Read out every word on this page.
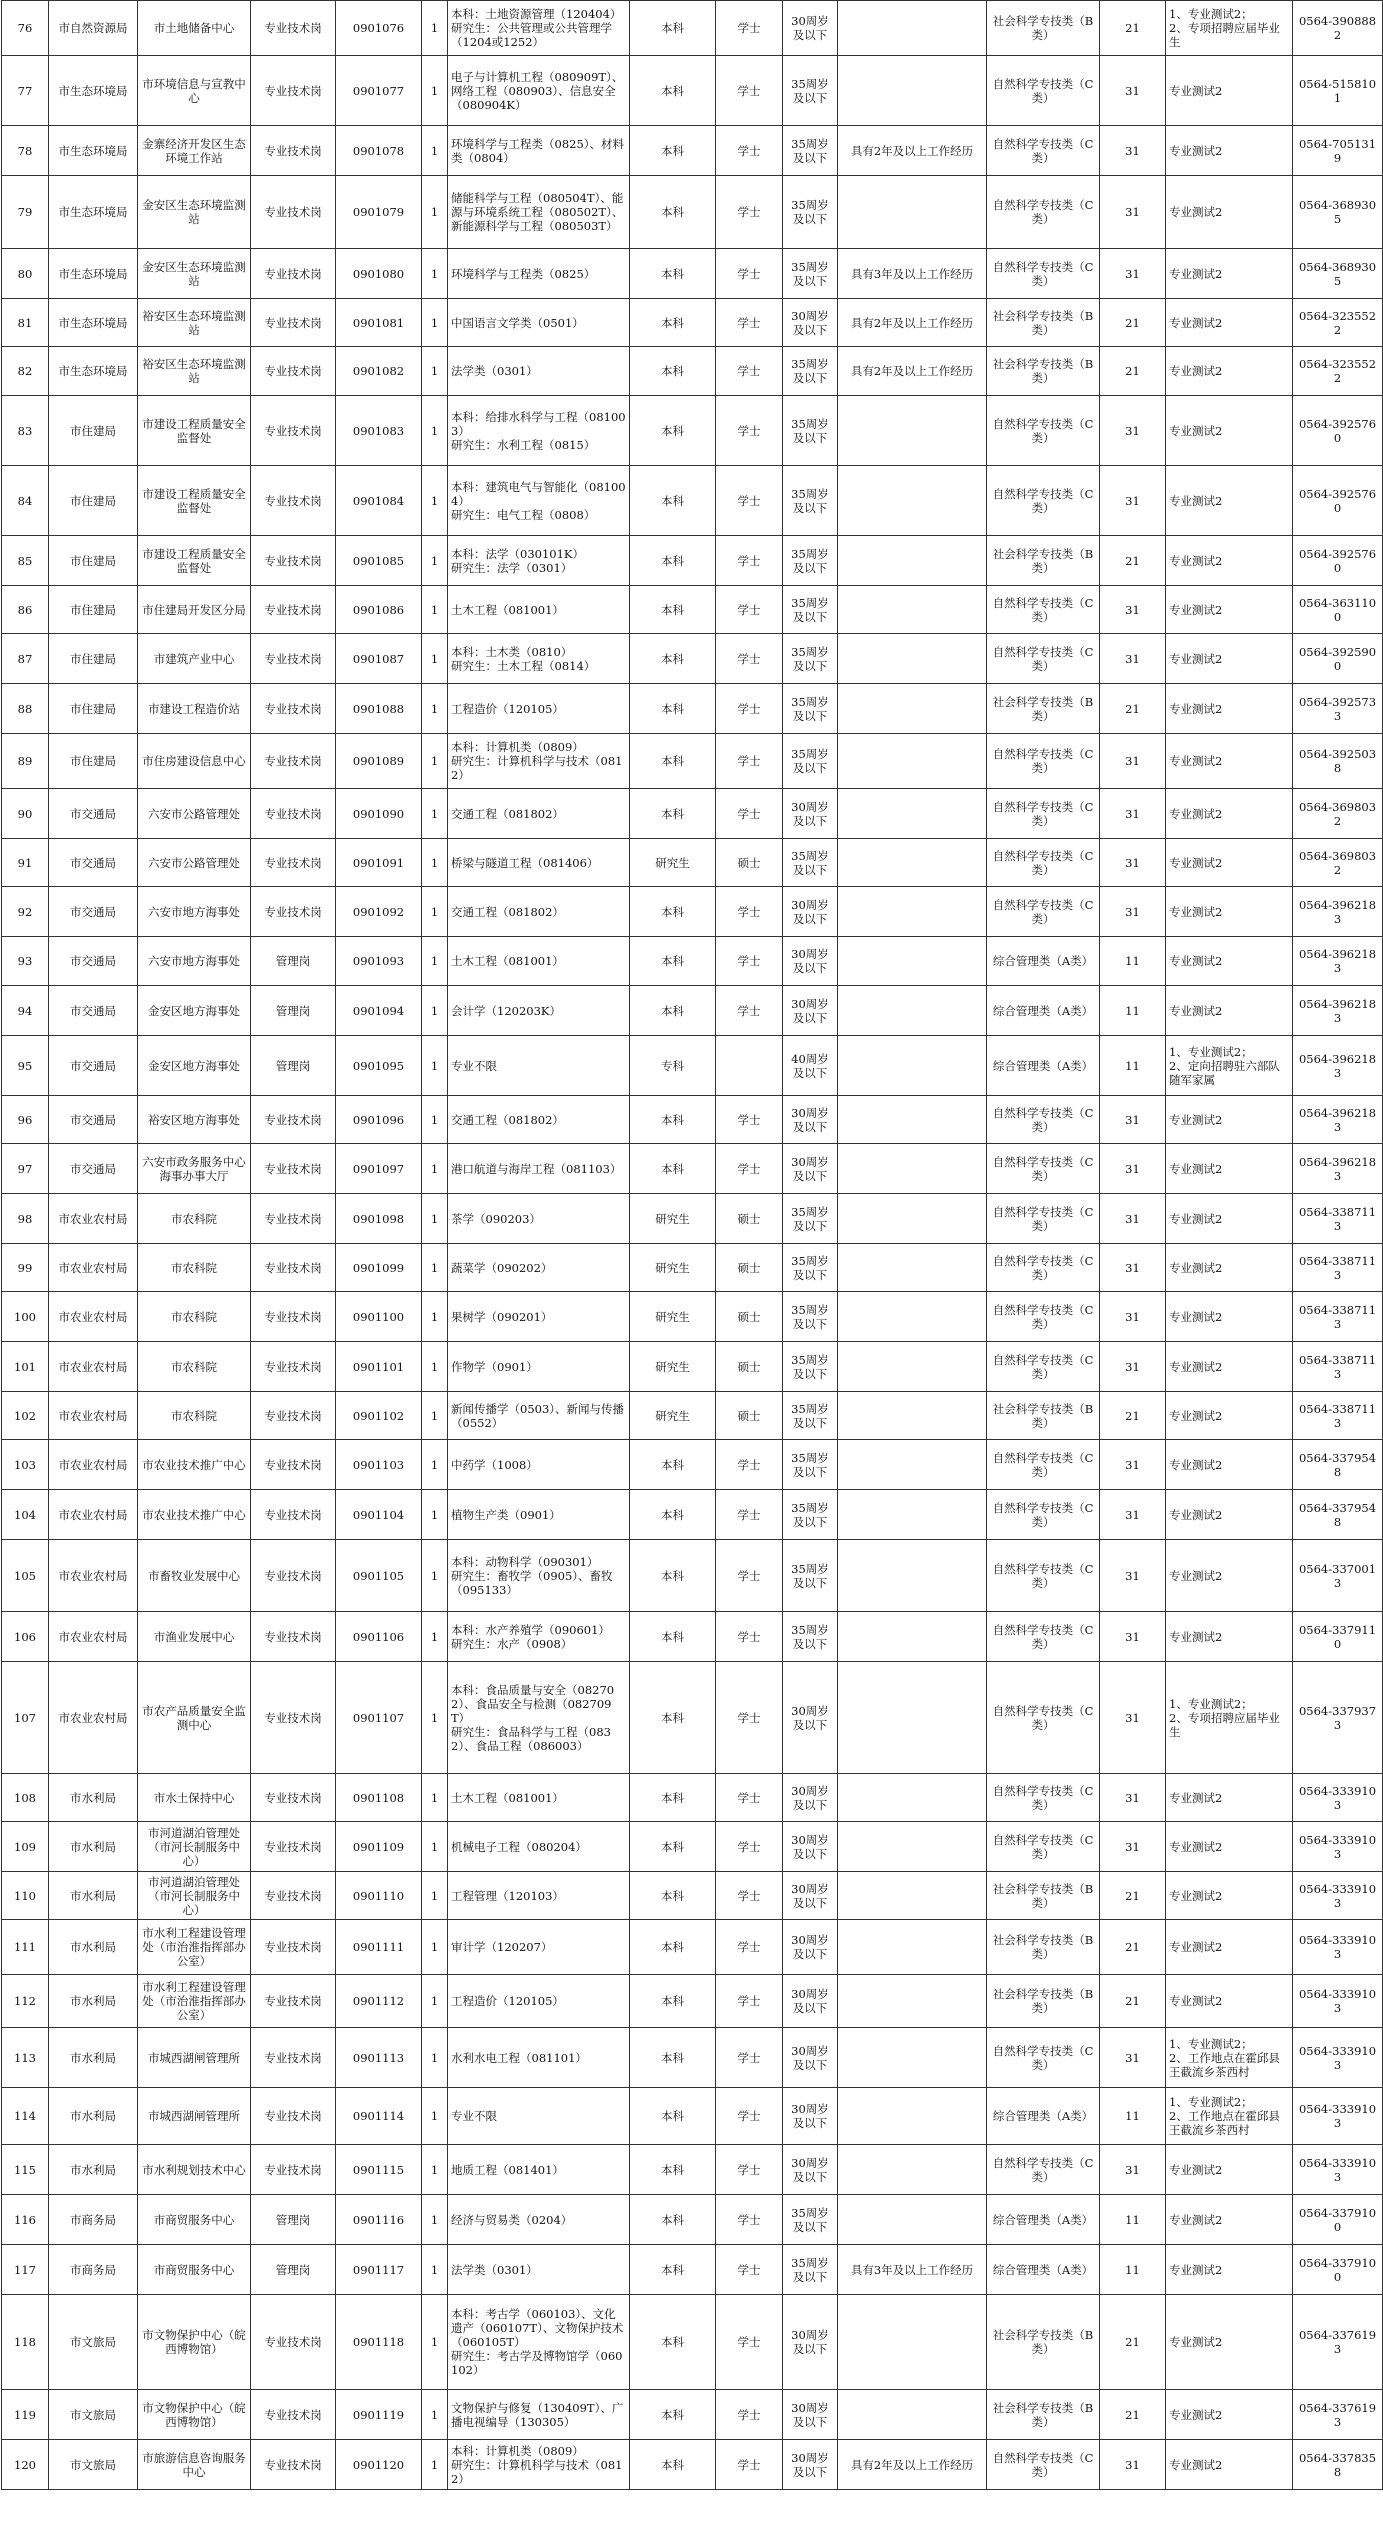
76	市自然资源局	市土地储备中心	专业技术岗	0901076	1	本科：土地资源管理（120404）
研究生：公共管理或公共管理学（1204或1252）	本科	学士	30周岁及以下		社会科学专技类（B类）	21	1、专业测试2；
2、专项招聘应届毕业生	0564-3908882
77	市生态环境局	市环境信息与宣教中心	专业技术岗	0901077	1	电子与计算机工程（080909T）、网络工程（080903）、信息安全（080904K）	本科	学士	35周岁及以下		自然科学专技类（C类）	31	专业测试2	0564-5158101
78	市生态环境局	金寨经济开发区生态环境工作站	专业技术岗	0901078	1	环境科学与工程类（0825）、材料类（0804）	本科	学士	35周岁及以下	具有2年及以上工作经历	自然科学专技类（C类）	31	专业测试2	0564-7051319
79	市生态环境局	金安区生态环境监测站	专业技术岗	0901079	1	储能科学与工程（080504T）、能源与环境系统工程（080502T）、新能源科学与工程（080503T）	本科	学士	35周岁及以下		自然科学专技类（C类）	31	专业测试2	0564-3689305
80	市生态环境局	金安区生态环境监测站	专业技术岗	0901080	1	环境科学与工程类（0825）	本科	学士	35周岁及以下	具有3年及以上工作经历	自然科学专技类（C类）	31	专业测试2	0564-3689305
81	市生态环境局	裕安区生态环境监测站	专业技术岗	0901081	1	中国语言文学类（0501）	本科	学士	30周岁及以下	具有2年及以上工作经历	社会科学专技类（B类）	21	专业测试2	0564-3235522
82	市生态环境局	裕安区生态环境监测站	专业技术岗	0901082	1	法学类（0301）	本科	学士	35周岁及以下	具有2年及以上工作经历	社会科学专技类（B类）	21	专业测试2	0564-3235522
83	市住建局	市建设工程质量安全监督处	专业技术岗	0901083	1	本科：给排水科学与工程（081003）
研究生：水利工程（0815）	本科	学士	35周岁及以下		自然科学专技类（C类）	31	专业测试2	0564-3925760
84	市住建局	市建设工程质量安全监督处	专业技术岗	0901084	1	本科：建筑电气与智能化（081004）
研究生：电气工程（0808）	本科	学士	35周岁及以下		自然科学专技类（C类）	31	专业测试2	0564-3925760
85	市住建局	市建设工程质量安全监督处	专业技术岗	0901085	1	本科：法学（030101K）
研究生：法学（0301）	本科	学士	35周岁及以下		社会科学专技类（B类）	21	专业测试2	0564-3925760
86	市住建局	市住建局开发区分局	专业技术岗	0901086	1	土木工程（081001）	本科	学士	35周岁及以下		自然科学专技类（C类）	31	专业测试2	0564-3631100
87	市住建局	市建筑产业中心	专业技术岗	0901087	1	本科：土木类（0810）
研究生：土木工程（0814）	本科	学士	35周岁及以下		自然科学专技类（C类）	31	专业测试2	0564-3925900
88	市住建局	市建设工程造价站	专业技术岗	0901088	1	工程造价（120105）	本科	学士	35周岁及以下		社会科学专技类（B类）	21	专业测试2	0564-3925733
89	市住建局	市住房建设信息中心	专业技术岗	0901089	1	本科：计算机类（0809）
研究生：计算机科学与技术（0812）	本科	学士	35周岁及以下		自然科学专技类（C类）	31	专业测试2	0564-3925038
90	市交通局	六安市公路管理处	专业技术岗	0901090	1	交通工程（081802）	本科	学士	30周岁及以下		自然科学专技类（C类）	31	专业测试2	0564-3698032
91	市交通局	六安市公路管理处	专业技术岗	0901091	1	桥梁与隧道工程（081406）	研究生	硕士	35周岁及以下		自然科学专技类（C类）	31	专业测试2	0564-3698032
92	市交通局	六安市地方海事处	专业技术岗	0901092	1	交通工程（081802）	本科	学士	30周岁及以下		自然科学专技类（C类）	31	专业测试2	0564-3962183
93	市交通局	六安市地方海事处	管理岗	0901093	1	土木工程（081001）	本科	学士	30周岁及以下		综合管理类（A类）	11	专业测试2	0564-3962183
94	市交通局	金安区地方海事处	管理岗	0901094	1	会计学（120203K）	本科	学士	30周岁及以下		综合管理类（A类）	11	专业测试2	0564-3962183
95	市交通局	金安区地方海事处	管理岗	0901095	1	专业不限	专科		40周岁及以下		综合管理类（A类）	11	1、专业测试2；
2、定向招聘驻六部队随军家属	0564-3962183
96	市交通局	裕安区地方海事处	专业技术岗	0901096	1	交通工程（081802）	本科	学士	30周岁及以下		自然科学专技类（C类）	31	专业测试2	0564-3962183
97	市交通局	六安市政务服务中心海事办事大厅	专业技术岗	0901097	1	港口航道与海岸工程（081103）	本科	学士	30周岁及以下		自然科学专技类（C类）	31	专业测试2	0564-3962183
98	市农业农村局	市农科院	专业技术岗	0901098	1	茶学（090203）	研究生	硕士	35周岁及以下		自然科学专技类（C类）	31	专业测试2	0564-3387113
99	市农业农村局	市农科院	专业技术岗	0901099	1	蔬菜学（090202）	研究生	硕士	35周岁及以下		自然科学专技类（C类）	31	专业测试2	0564-3387113
100	市农业农村局	市农科院	专业技术岗	0901100	1	果树学（090201）	研究生	硕士	35周岁及以下		自然科学专技类（C类）	31	专业测试2	0564-3387113
101	市农业农村局	市农科院	专业技术岗	0901101	1	作物学（0901）	研究生	硕士	35周岁及以下		自然科学专技类（C类）	31	专业测试2	0564-3387113
102	市农业农村局	市农科院	专业技术岗	0901102	1	新闻传播学（0503）、新闻与传播（0552）	研究生	硕士	35周岁及以下		社会科学专技类（B类）	21	专业测试2	0564-3387113
103	市农业农村局	市农业技术推广中心	专业技术岗	0901103	1	中药学（1008）	本科	学士	35周岁及以下		自然科学专技类（C类）	31	专业测试2	0564-3379548
104	市农业农村局	市农业技术推广中心	专业技术岗	0901104	1	植物生产类（0901）	本科	学士	35周岁及以下		自然科学专技类（C类）	31	专业测试2	0564-3379548
105	市农业农村局	市畜牧业发展中心	专业技术岗	0901105	1	本科：动物科学（090301）
研究生：畜牧学（0905）、畜牧（095133）	本科	学士	35周岁及以下		自然科学专技类（C类）	31	专业测试2	0564-3370013
106	市农业农村局	市渔业发展中心	专业技术岗	0901106	1	本科：水产养殖学（090601）
研究生：水产（0908）	本科	学士	35周岁及以下		自然科学专技类（C类）	31	专业测试2	0564-3379110
107	市农业农村局	市农产品质量安全监测中心	专业技术岗	0901107	1	本科：食品质量与安全（082702）、食品安全与检测（082709T）
研究生：食品科学与工程（0832）、食品工程（086003）	本科	学士	30周岁及以下		自然科学专技类（C类）	31	1、专业测试2；
2、专项招聘应届毕业生	0564-3379373
108	市水利局	市水土保持中心	专业技术岗	0901108	1	土木工程（081001）	本科	学士	30周岁及以下		自然科学专技类（C类）	31	专业测试2	0564-3339103
109	市水利局	市河道湖泊管理处（市河长制服务中心）	专业技术岗	0901109	1	机械电子工程（080204）	本科	学士	30周岁及以下		自然科学专技类（C类）	31	专业测试2	0564-3339103
110	市水利局	市河道湖泊管理处（市河长制服务中心）	专业技术岗	0901110	1	工程管理（120103）	本科	学士	30周岁及以下		社会科学专技类（B类）	21	专业测试2	0564-3339103
111	市水利局	市水利工程建设管理处（市治淮指挥部办公室）	专业技术岗	0901111	1	审计学（120207）	本科	学士	30周岁及以下		社会科学专技类（B类）	21	专业测试2	0564-3339103
112	市水利局	市水利工程建设管理处（市治淮指挥部办公室）	专业技术岗	0901112	1	工程造价（120105）	本科	学士	30周岁及以下		社会科学专技类（B类）	21	专业测试2	0564-3339103
113	市水利局	市城西湖闸管理所	专业技术岗	0901113	1	水利水电工程（081101）	本科	学士	30周岁及以下		自然科学专技类（C类）	31	1、专业测试2；
2、工作地点在霍邱县王截流乡茶西村	0564-3339103
114	市水利局	市城西湖闸管理所	专业技术岗	0901114	1	专业不限	本科	学士	30周岁及以下		综合管理类（A类）	11	1、专业测试2；
2、工作地点在霍邱县王截流乡茶西村	0564-3339103
115	市水利局	市水利规划技术中心	专业技术岗	0901115	1	地质工程（081401）	本科	学士	30周岁及以下		自然科学专技类（C类）	31	专业测试2	0564-3339103
116	市商务局	市商贸服务中心	管理岗	0901116	1	经济与贸易类（0204）	本科	学士	35周岁及以下		综合管理类（A类）	11	专业测试2	0564-3379100
117	市商务局	市商贸服务中心	管理岗	0901117	1	法学类（0301）	本科	学士	35周岁及以下	具有3年及以上工作经历	综合管理类（A类）	11	专业测试2	0564-3379100
118	市文旅局	市文物保护中心（皖西博物馆）	专业技术岗	0901118	1	本科：考古学（060103）、文化遗产（060107T）、文物保护技术（060105T）
研究生：考古学及博物馆学（060102）	本科	学士	30周岁及以下		社会科学专技类（B类）	21	专业测试2	0564-3376193
119	市文旅局	市文物保护中心（皖西博物馆）	专业技术岗	0901119	1	文物保护与修复（130409T）、广播电视编导（130305）	本科	学士	30周岁及以下		社会科学专技类（B类）	21	专业测试2	0564-3376193
120	市文旅局	市旅游信息咨询服务中心	专业技术岗	0901120	1	本科：计算机类（0809）
研究生：计算机科学与技术（0812）	本科	学士	30周岁及以下	具有2年及以上工作经历	自然科学专技类（C类）	31	专业测试2	0564-3378358
